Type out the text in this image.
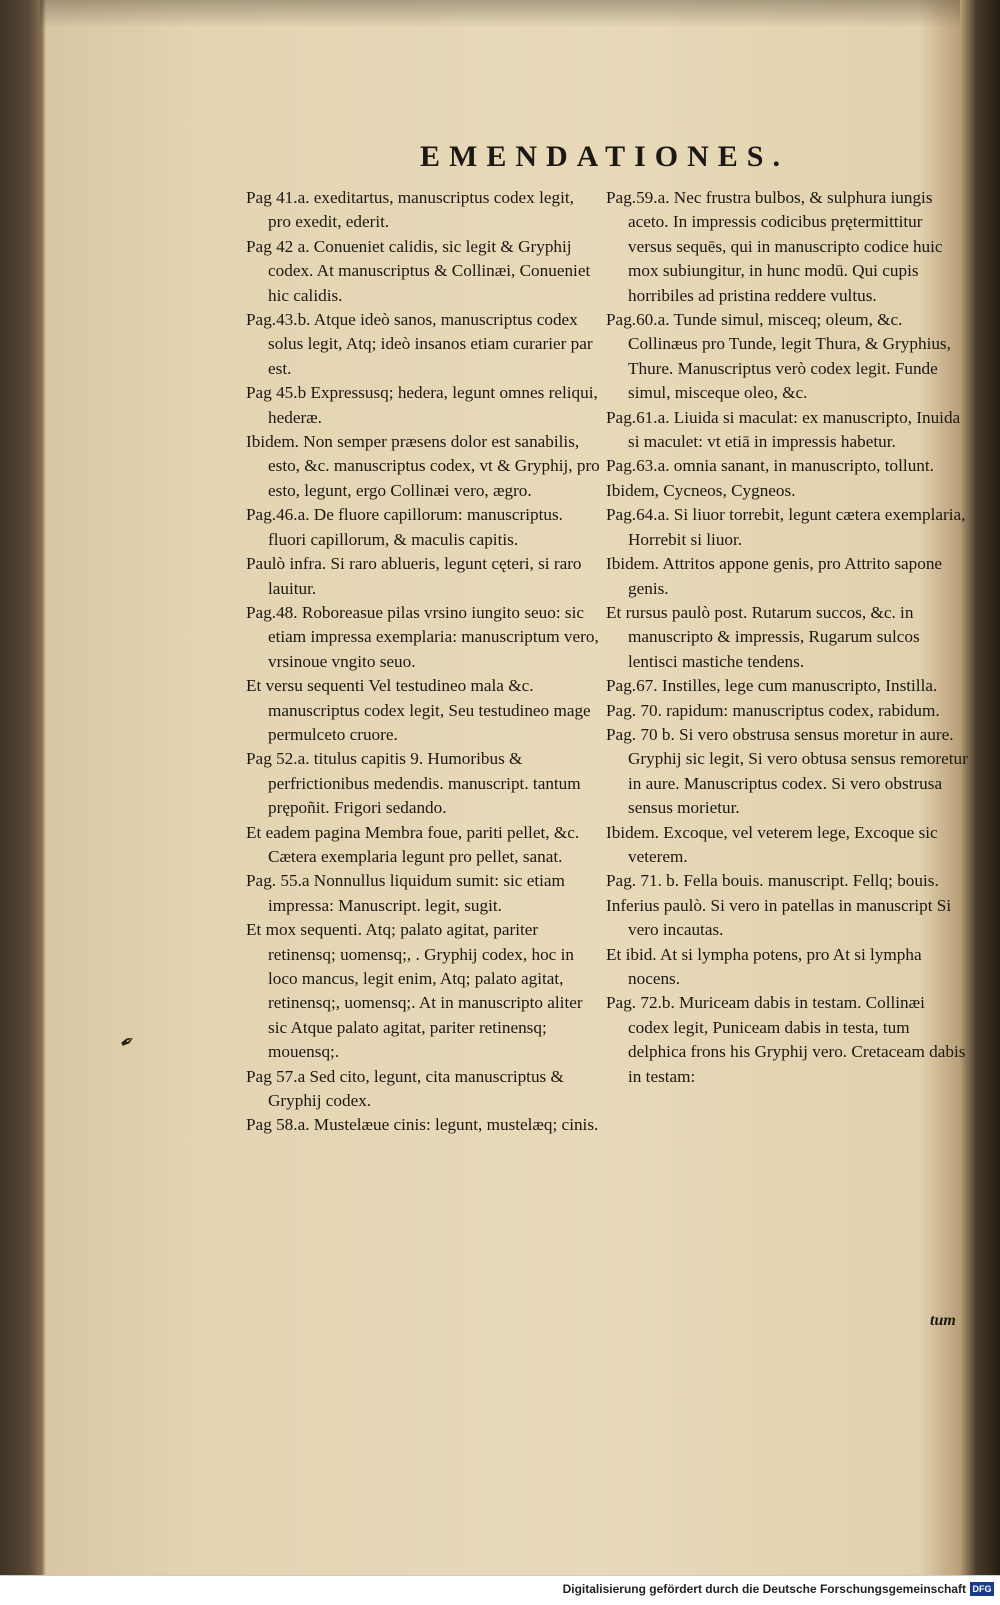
EMENDATIONES.

Pag 41.a. exeditartus, manuscriptus codex legit, pro exedit, ederit.

Pag 42 a. Conueniet calidis, sic legit & Gryphij codex. At manuscriptus & Collinæi, Conueniet hic calidis.

Pag.43.b. Atque ideò sanos, manuscriptus codex solus legit, Atq; ideò insanos etiam curarier par est.

Pag 45.b Expressusq; hedera, legunt omnes reliqui, hederæ.

Ibidem. Non semper præsens dolor est sanabilis, esto, &c. manuscriptus codex, vt & Gryphij, pro esto, legunt, ergo Collinæi vero, ægro.

Pag.46.a. De fluore capillorum: manuscriptus. fluori capillorum, & maculis capitis.

Paulò infra. Si raro ablueris, legunt cęteri, si raro lauitur.

Pag.48. Roboreasue pilas vrsino iungito seuo: sic etiam impressa exemplaria: manuscriptum vero, vrsinoue vngito seuo.

Et versu sequenti Vel testudineo mala &c. manuscriptus codex legit, Seu testudineo mage permulceto cruore.

Pag 52.a. titulus capitis 9. Humoribus & perfrictionibus medendis. manuscript. tantum prępoñit. Frigori sedando.

Et eadem pagina Membra foue, pariti pellet, &c. Cætera exemplaria legunt pro pellet, sanat.

Pag. 55.a Nonnullus liquidum sumit: sic etiam impressa: Manuscript. legit, sugit.

Et mox sequenti. Atq; palato agitat, pariter retinensq; uomensq;, . Gryphij codex, hoc in loco mancus, legit enim, Atq; palato agitat, retinensq;, uomensq;. At in manuscripto aliter sic Atque palato agitat, pariter retinensq; mouensq;.

Pag 57.a Sed cito, legunt, cita manuscriptus & Gryphij codex.

Pag 58.a. Mustelæue cinis: legunt, mustelæq; cinis.

Pag.59.a. Nec frustra bulbos, & sulphura iungis aceto. In impressis codicibus prętermittitur versus sequēs, qui in manuscripto codice huic mox subiungitur, in hunc modū. Qui cupis horribiles ad pristina reddere vultus.

Pag.60.a. Tunde simul, misceq; oleum, &c. Collinæus pro Tunde, legit Thura, & Gryphius, Thure. Manuscriptus verò codex legit. Funde simul, misceque oleo, &c.

Pag.61.a. Liuida si maculat: ex manuscripto, Inuida si maculet: vt etiā in impressis habetur.

Pag.63.a. omnia sanant, in manuscripto, tollunt.

Ibidem, Cycneos, Cygneos.

Pag.64.a. Si liuor torrebit, legunt cætera exemplaria, Horrebit si liuor.

Ibidem. Attritos appone genis, pro Attrito sapone genis.

Et rursus paulò post. Rutarum succos, &c. in manuscripto & impressis, Rugarum sulcos lentisci mastiche tendens.

Pag.67. Instilles, lege cum manuscripto, Instilla.

Pag. 70. rapidum: manuscriptus codex, rabidum.

Pag. 70 b. Si vero obstrusa sensus moretur in aure. Gryphij sic legit, Si vero obtusa sensus remoretur in aure. Manuscriptus codex. Si vero obstrusa sensus morietur.

Ibidem. Excoque, vel veterem lege, Excoque sic veterem.

Pag. 71. b. Fella bouis. manuscript. Fellq; bouis.

Inferius paulò. Si vero in patellas in manuscript Si vero incautas.

Et ibid. At si lympha potens, pro At si lympha nocens.

Pag. 72.b. Muriceam dabis in testam. Collinæi codex legit, Puniceam dabis in testa, tum delphica frons his Gryphij vero. Cretaceam dabis in testam:

tum
✒
Digitalisierung gefördert durch die Deutsche Forschungsgemeinschaft DFG
